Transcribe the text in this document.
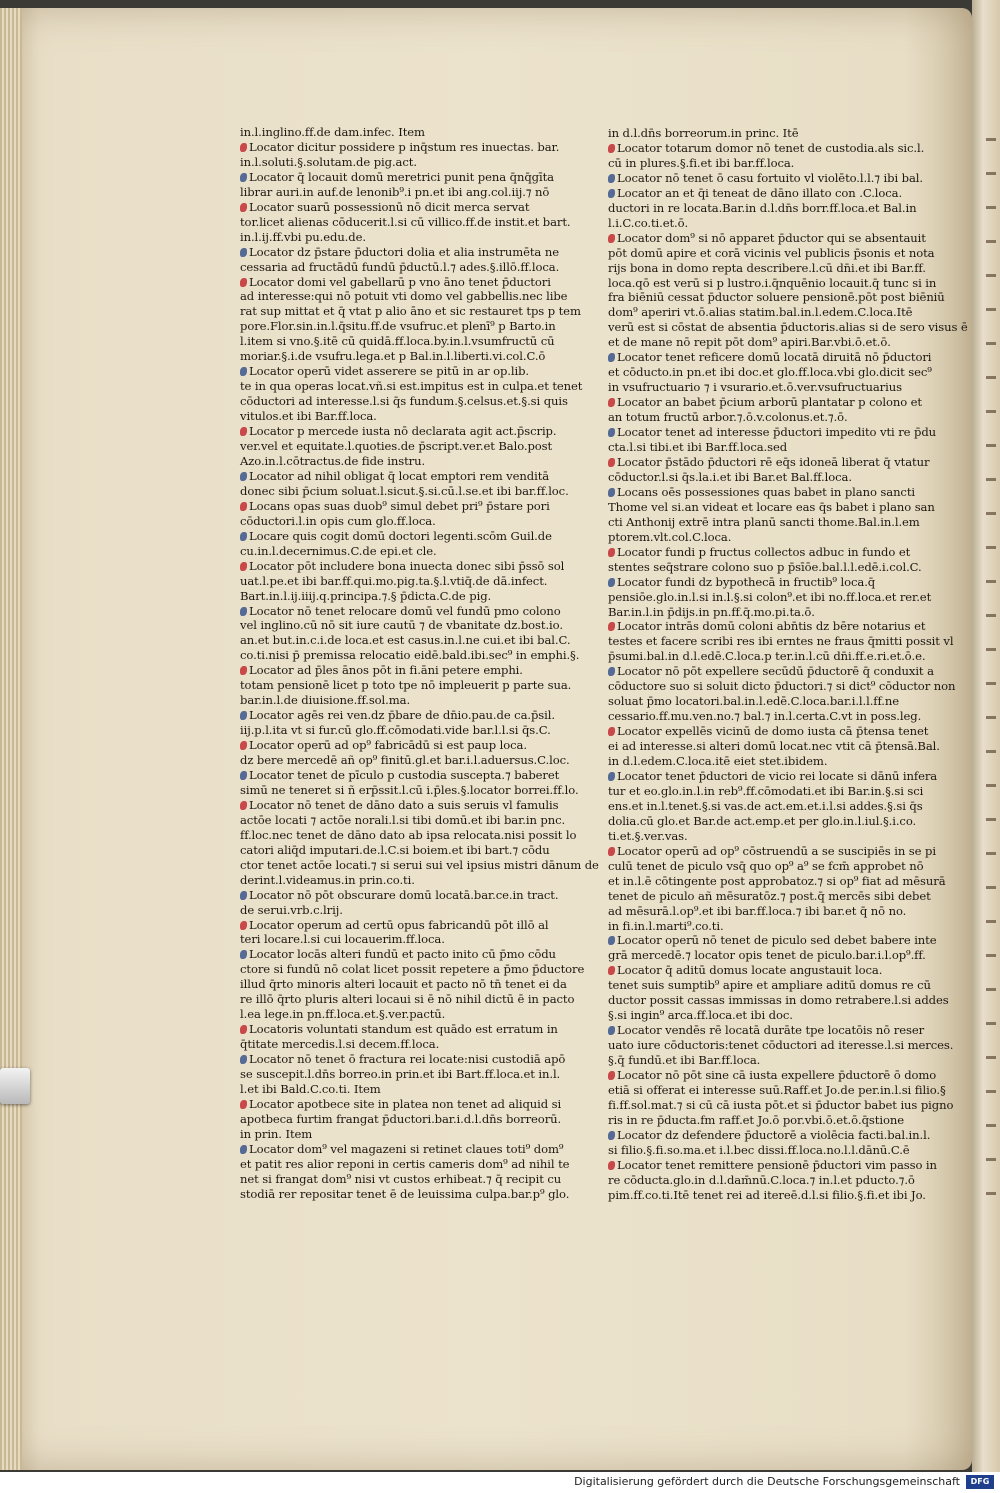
in.l.inglino.ff.de dam.infec. Item
Locator dicitur possidere p inq̄stum res inuectas. bar.
in.l.soluti.§.solutam.de pig.act.
Locator q̄ locauit domū meretrici punit pena q̄nq̄gīta
librar auri.in auf.de lenonib⁹.i pn.et ibi ang.col.iij.⁊ nō
Locator suarū possessionū nō dicit merca servat
tor.licet alienas cōducerit.l.si cū villico.ff.de instit.et bart.
in.l.ij.ff.vbi pu.edu.de.
Locator dz p̄stare p̄ductori dolia et alia instrumēta ne
cessaria ad fructādū fundū p̄ductū.l.⁊ ades.§.illō.ff.loca.
Locator domi vel gabellarū p vno āno tenet p̄ductori
ad interesse:qui nō potuit vti domo vel gabbellis.nec libe
rat sup mittat et q̄ vtat p alio āno et sic restauret tps p tem
pore.Flor.sin.in.l.q̄situ.ff.de vsufruc.et plenī⁹ p Barto.in
l.item si vno.§.itē cū quidā.ff.loca.by.in.l.vsumfructū cū
moriar.§.i.de vsufru.lega.et p Bal.in.l.liberti.vi.col.C.ō
Locator operū videt asserere se pitū in ar op.lib.
te in qua operas locat.vñ.si est.impitus est in culpa.et tenet
cōductori ad interesse.l.si q̄s fundum.§.celsus.et.§.si quis
vitulos.et ibi Bar.ff.loca.
Locator p mercede iusta nō declarata agit act.p̄scrip.
ver.vel et equitate.l.quoties.de p̄script.ver.et Balo.post
Azo.in.l.cōtractus.de fide instru.
Locator ad nihil obligat q̄ locat emptori rem venditā
donec sibi p̄cium soluat.l.sicut.§.si.cū.l.se.et ibi bar.ff.loc.
Locans opas suas duob⁹ simul debet pri⁹ p̄stare pori
cōductori.l.in opis cum glo.ff.loca.
Locare quis cogit domū doctori legenti.scōm Guil.de
cu.in.l.decernimus.C.de epi.et cle.
Locator pōt includere bona inuecta donec sibi p̄ssō sol
uat.l.pe.et ibi bar.ff.qui.mo.pig.ta.§.l.vtiq̄.de dā.infect.
Bart.in.l.ij.iiij.q.principa.⁊.§ p̄dicta.C.de pig.
Locator nō tenet relocare domū vel fundū pmo colono
vel inglino.cū nō sit iure cautū ⁊ de vbanitate dz.bost.io.
an.et but.in.c.i.de loca.et est casus.in.l.ne cui.et ibi bal.C.
co.ti.nisi p̄ premissa relocatio eidē.bald.ibi.sec⁹ in emphi.§.
Locator ad p̄les ānos pōt in fi.āni petere emphi.
totam pensionē licet p toto tpe nō impleuerit p parte sua.
bar.in.l.de diuisione.ff.sol.ma.
Locator agēs rei ven.dz p̄bare de dn̄io.pau.de ca.p̄sil.
iij.p.l.ita vt si fur.cū glo.ff.cōmodati.vide bar.l.l.si q̄s.C.
Locator operū ad op⁹ fabricādū si est paup loca.
dz bere mercedē añ op⁹ finitū.gl.et bar.i.l.aduersus.C.loc.
Locator tenet de pīculo p custodia suscepta.⁊ baberet
simū ne teneret si ñ erp̄ssit.l.cū i.p̄les.§.locator borrei.ff.lo.
Locator nō tenet de dāno dato a suis seruis vl famulis
actōe locati ⁊ actōe norali.l.si tibi domū.et ibi bar.in pnc.
ff.loc.nec tenet de dāno dato ab ipsa relocata.nisi possit lo
catori aliq̄d imputari.de.l.C.si boiem.et ibi bart.⁊ cōdu
ctor tenet actōe locati.⁊ si serui sui vel ipsius mistri dānum de
derint.l.videamus.in prin.co.ti.
Locator nō pōt obscurare domū locatā.bar.ce.in tract.
de serui.vrb.c.lrij.
Locator operum ad certū opus fabricandū pōt illō al
teri locare.l.si cui locauerim.ff.loca.
Locator locās alteri fundū et pacto inito cū p̄mo cōdu
ctore si fundū nō colat licet possit repetere a p̄mo p̄ductore
illud q̄rto minoris alteri locauit et pacto nō tn̄ tenet ei da
re illō q̄rto pluris alteri locaui si ē nō nihil dictū ē in pacto
l.ea lege.in pn.ff.loca.et.§.ver.pactū.
Locatoris voluntati standum est quādo est erratum in
q̄titate mercedis.l.si decem.ff.loca.
Locator nō tenet ō fractura rei locate:nisi custodiā apō
se suscepit.l.dn̄s borreo.in prin.et ibi Bart.ff.loca.et in.l.
l.et ibi Bald.C.co.ti. Item
Locator apotbece site in platea non tenet ad aliquid si
apotbeca furtim frangat p̄ductori.bar.i.d.l.dn̄s borreorū.
in prin. Item
Locator dom⁹ vel magazeni si retinet claues toti⁹ dom⁹
et patit res alior reponi in certis cameris dom⁹ ad nihil te
net si frangat dom⁹ nisi vt custos erhibeat.⁊ q̄ recipit cu
stodiā rer repositar tenet ē de leuissima culpa.bar.p⁹ glo.
in d.l.dn̄s borreorum.in princ. Itē
Locator totarum domor nō tenet de custodia.als sic.l.
cū in plures.§.fi.et ibi bar.ff.loca.
Locator nō tenet ō casu fortuito vl violēto.l.l.⁊ ibi bal.
Locator an et q̄i teneat de dāno illato con .C.loca.
ductori in re locata.Bar.in d.l.dn̄s borr.ff.loca.et Bal.in
l.i.C.co.ti.et.ō.
Locator dom⁹ si nō apparet p̄ductor qui se absentauit
pōt domū apire et corā vicinis vel publicis p̄sonis et nota
rijs bona in domo repta describere.l.cū dn̄i.et ibi Bar.ff.
loca.qō est verū si p lustro.i.q̄nquēnio locauit.q̄ tunc si in
fra biēniū cessat p̄ductor soluere pensionē.pōt post biēniū
dom⁹ aperiri vt.ō.alias statim.bal.in.l.edem.C.loca.Itē
verū est si cōstat de absentia p̄ductoris.alias si de sero visus ē
et de mane nō repit pōt dom⁹ apiri.Bar.vbi.ō.et.ō.
Locator tenet reficere domū locatā diruitā nō p̄ductori
et cōducto.in pn.et ibi doc.et glo.ff.loca.vbi glo.dicit sec⁹
in vsufructuario ⁊ i vsurario.et.ō.ver.vsufructuarius
Locator an babet p̄cium arborū plantatar p colono et
an totum fructū arbor.⁊.ō.v.colonus.et.⁊.ō.
Locator tenet ad interesse p̄ductori impedito vti re p̄du
cta.l.si tibi.et ibi Bar.ff.loca.sed
Locator p̄stādo p̄ductori rē eq̄s idoneā liberat q̄ vtatur
cōductor.l.si q̄s.la.i.et ibi Bar.et Bal.ff.loca.
Locans oēs possessiones quas babet in plano sancti
Thome vel si.an videat et locare eas q̄s babet i plano san
cti Anthonij extrē intra planū sancti thome.Bal.in.l.em
ptorem.vlt.col.C.loca.
Locator fundi p fructus collectos adbuc in fundo et
stentes seq̄strare colono suo p p̄sīōe.bal.l.l.edē.i.col.C.
Locator fundi dz bypothecā in fructib⁹ loca.q̄
pensiōe.glo.in.l.si in.l.§.si colon⁹.et ibi no.ff.loca.et rer.et
Bar.in.l.in p̄dijs.in pn.ff.q̄.mo.pi.ta.ō.
Locator intrās domū coloni abn̄tis dz bēre notarius et
testes et facere scribi res ibi erntes ne fraus q̄mitti possit vl
p̄sumi.bal.in d.l.edē.C.loca.p ter.in.l.cū dn̄i.ff.e.ri.et.ō.e.
Locator nō pōt expellere secūdū p̄ductorē q̄ conduxit a
cōductore suo si soluit dicto p̄ductori.⁊ si dict⁹ cōductor non
soluat p̄mo locatori.bal.in.l.edē.C.loca.bar.i.l.l.ff.ne
cessario.ff.mu.ven.no.⁊ bal.⁊ in.l.certa.C.vt in poss.leg.
Locator expellēs vicinū de domo iusta cā p̄tensa tenet
ei ad interesse.si alteri domū locat.nec vtit cā p̄tensā.Bal.
in d.l.edem.C.loca.itē eiet stet.ibidem.
Locator tenet p̄ductori de vicio rei locate si dānū infera
tur et eo.glo.in.l.in reb⁹.ff.cōmodati.et ibi Bar.in.§.si sci
ens.et in.l.tenet.§.si vas.de act.em.et.i.l.si addes.§.si q̄s
dolia.cū glo.et Bar.de act.emp.et per glo.in.l.iul.§.i.co.
ti.et.§.ver.vas.
Locator operū ad op⁹ cōstruendū a se suscipiēs in se pi
culū tenet de piculo vsq̄ quo op⁹ a⁹ se fcm̄ approbet nō
et in.l.ē cōtingente post approbatoz.⁊ si op⁹ fiat ad mēsurā
tenet de piculo añ mēsuratōz.⁊ post.q̄ mercēs sibi debet
ad mēsurā.l.op⁹.et ibi bar.ff.loca.⁊ ibi bar.et q̄ nō no.
in fi.in.l.marti⁹.co.ti.
Locator operū nō tenet de piculo sed debet babere inte
grā mercedē.⁊ locator opis tenet de piculo.bar.i.l.op⁹.ff.
Locator q̄ aditū domus locate angustauit loca.
tenet suis sumptib⁹ apire et ampliare aditū domus re cū
ductor possit cassas immissas in domo retrabere.l.si addes
§.si ingin⁹ arca.ff.loca.et ibi doc.
Locator vendēs rē locatā durāte tpe locatōis nō reser
uato iure cōductoris:tenet cōductori ad iteresse.l.si merces.
§.q̄ fundū.et ibi Bar.ff.loca.
Locator nō pōt sine cā iusta expellere p̄ductorē ō domo
etiā si offerat ei interesse suū.Raff.et Jo.de per.in.l.si filio.§
fi.ff.sol.mat.⁊ si cū cā iusta pōt.et si p̄ductor babet ius pigno
ris in re p̄ducta.fm raff.et Jo.ō por.vbi.ō.et.ō.q̄stione
Locator dz defendere p̄ductorē a violēcia facti.bal.in.l.
si filio.§.fi.so.ma.et i.l.bec dissi.ff.loca.no.l.l.dānū.C.ē
Locator tenet remittere pensionē p̄ductori vim passo in
re cōducta.glo.in d.l.dam̄nū.C.loca.⁊ in.l.et pducto.⁊.ō
pim.ff.co.ti.Itē tenet rei ad itereē.d.l.si filio.§.fi.et ibi Jo.
Digitalisierung gefördert durch die Deutsche Forschungsgemeinschaft	DFG
